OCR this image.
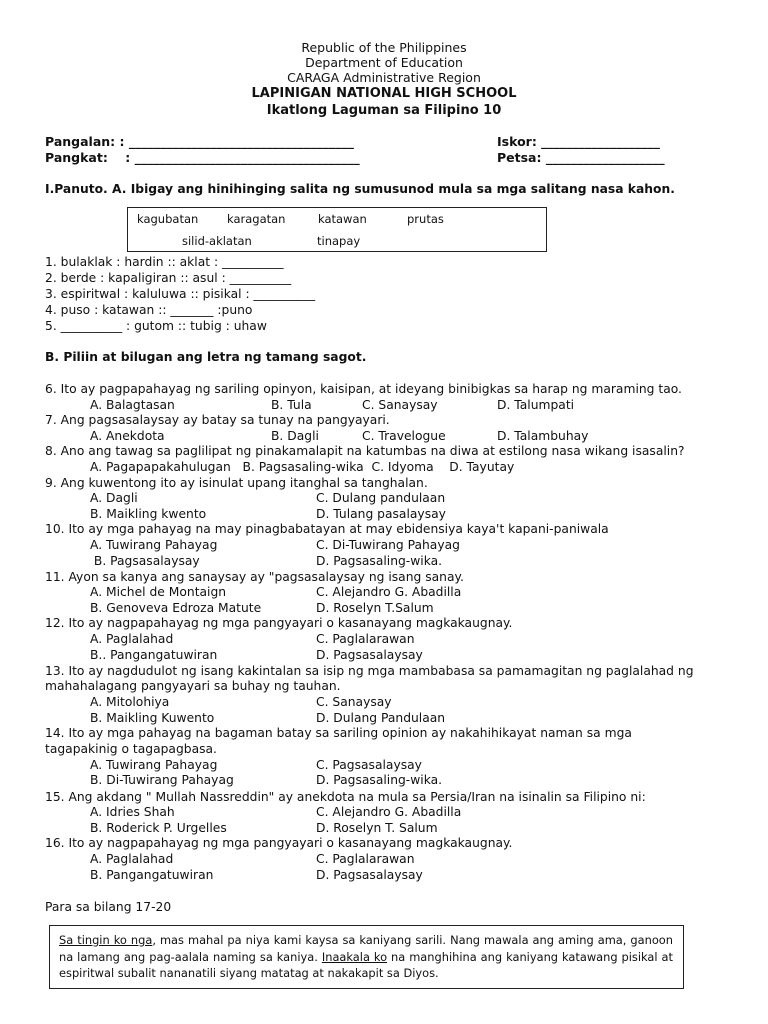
Republic of the Philippines
Department of Education
CARAGA Administrative Region
LAPINIGAN NATIONAL HIGH SCHOOL
Ikatlong Laguman sa Filipino 10
Pangalan: : ____________________________________
Pangkat:    : ____________________________________
Iskor: ___________________
Petsa: ___________________
I.Panuto. A. Ibigay ang hinihinging salita ng sumusunod mula sa mga salitang nasa kahon.
kagubatan karagatan	katawan	prutas
silid-aklatan	tinapay
1. bulaklak : hardin :: aklat : __________
2. berde : kapaligiran :: asul : __________
3. espiritwal : kaluluwa :: pisikal : __________
4. puso : katawan :: _______ :puno
5. __________ : gutom :: tubig : uhaw
B. Piliin at bilugan ang letra ng tamang sagot.
6. Ito ay pagpapahayag ng sariling opinyon, kaisipan, at ideyang binibigkas sa harap ng maraming tao.
A. Balagtasan	B. Tula	C. Sanaysay	D. Talumpati
7. Ang pagsasalaysay ay batay sa tunay na pangyayari.
A. Anekdota	B. Dagli	C. Travelogue	D. Talambuhay
8. Ano ang tawag sa paglilipat ng pinakamalapit na katumbas na diwa at estilong nasa wikang isasalin?
A. Pagapapakahulugan   B. Pagsasaling-wika  C. Idyoma    D. Tayutay
9. Ang kuwentong ito ay isinulat upang itanghal sa tanghalan.
A. Dagli	C. Dulang pandulaan
B. Maikling kwento	D. Tulang pasalaysay
10. Ito ay mga pahayag na may pinagbabatayan at may ebidensiya kaya't kapani-paniwala
A. Tuwirang Pahayag	C. Di-Tuwirang Pahayag
B. Pagsasalaysay	D. Pagsasaling-wika.
11. Ayon sa kanya ang sanaysay ay "pagsasalaysay ng isang sanay.
A. Michel de Montaign	C. Alejandro G. Abadilla
B. Genoveva Edroza Matute	D. Roselyn T.Salum
12. Ito ay nagpapahayag ng mga pangyayari o kasanayang magkakaugnay.
A. Paglalahad	C. Paglalarawan
B.. Pangangatuwiran	D. Pagsasalaysay
13. Ito ay nagdudulot ng isang kakintalan sa isip ng mga mambabasa sa pamamagitan ng paglalahad ng
mahahalagang pangyayari sa buhay ng tauhan.
A. Mitolohiya	C. Sanaysay
B. Maikling Kuwento	D. Dulang Pandulaan
14. Ito ay mga pahayag na bagaman batay sa sariling opinion ay nakahihikayat naman sa mga
tagapakinig o tagapagbasa.
A. Tuwirang Pahayag	C. Pagsasalaysay
B. Di-Tuwirang Pahayag	D. Pagsasaling-wika.
15. Ang akdang " Mullah Nassreddin" ay anekdota na mula sa Persia/Iran na isinalin sa Filipino ni:
A. Idries Shah	C. Alejandro G. Abadilla
B. Roderick P. Urgelles	D. Roselyn T. Salum
16. Ito ay nagpapahayag ng mga pangyayari o kasanayang magkakaugnay.
A. Paglalahad	C. Paglalarawan
B. Pangangatuwiran	D. Pagsasalaysay
Para sa bilang 17-20
Sa tingin ko nga, mas mahal pa niya kami kaysa sa kaniyang sarili. Nang mawala ang aming ama, ganoon na lamang ang pag-aalala naming sa kaniya. Inaakala ko na manghihina ang kaniyang katawang pisikal at espiritwal subalit nananatili siyang matatag at nakakapit sa Diyos.
